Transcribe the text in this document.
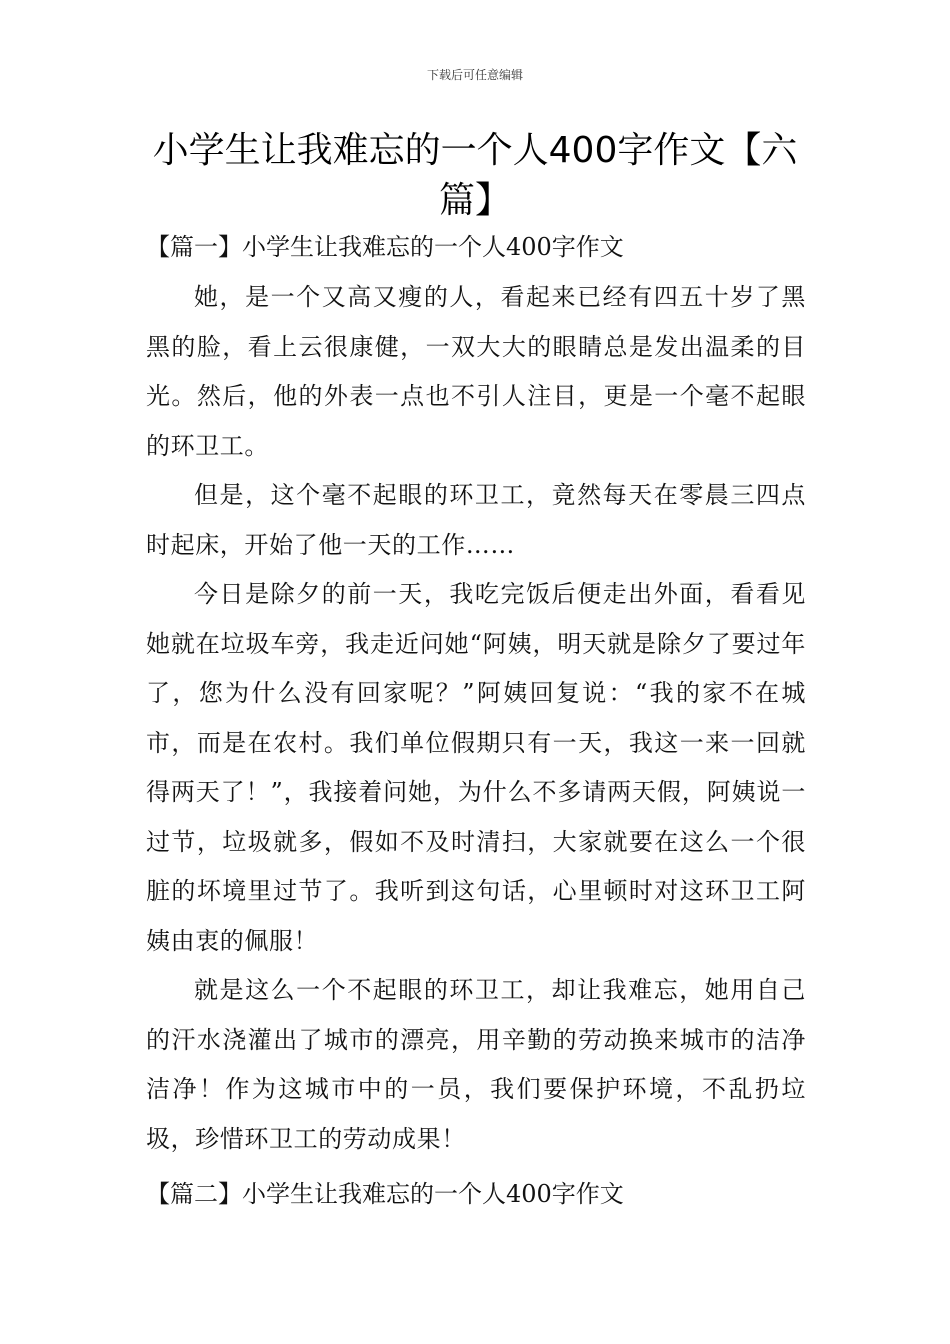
下载后可任意编辑
小学生让我难忘的一个人400字作文【六篇】
【篇一】小学生让我难忘的一个人400字作文

她，是一个又高又瘦的人，看起来已经有四五十岁了黑黑的脸，看上云很康健，一双大大的眼睛总是发出温柔的目光。然后，他的外表一点也不引人注目，更是一个毫不起眼的环卫工。

但是，这个毫不起眼的环卫工，竟然每天在零晨三四点时起床，开始了他一天的工作……

今日是除夕的前一天，我吃完饭后便走出外面，看看见她就在垃圾车旁，我走近问她“阿姨，明天就是除夕了要过年了，您为什么没有回家呢？”阿姨回复说：“我的家不在城市，而是在农村。我们单位假期只有一天，我这一来一回就得两天了！”，我接着问她，为什么不多请两天假，阿姨说一过节，垃圾就多，假如不及时清扫，大家就要在这么一个很脏的坏境里过节了。我听到这句话，心里顿时对这环卫工阿姨由衷的佩服！

就是这么一个不起眼的环卫工，却让我难忘，她用自己的汗水浇灌出了城市的漂亮，用辛勤的劳动换来城市的洁净洁净！作为这城市中的一员，我们要保护环境，不乱扔垃圾，珍惜环卫工的劳动成果！

【篇二】小学生让我难忘的一个人400字作文
